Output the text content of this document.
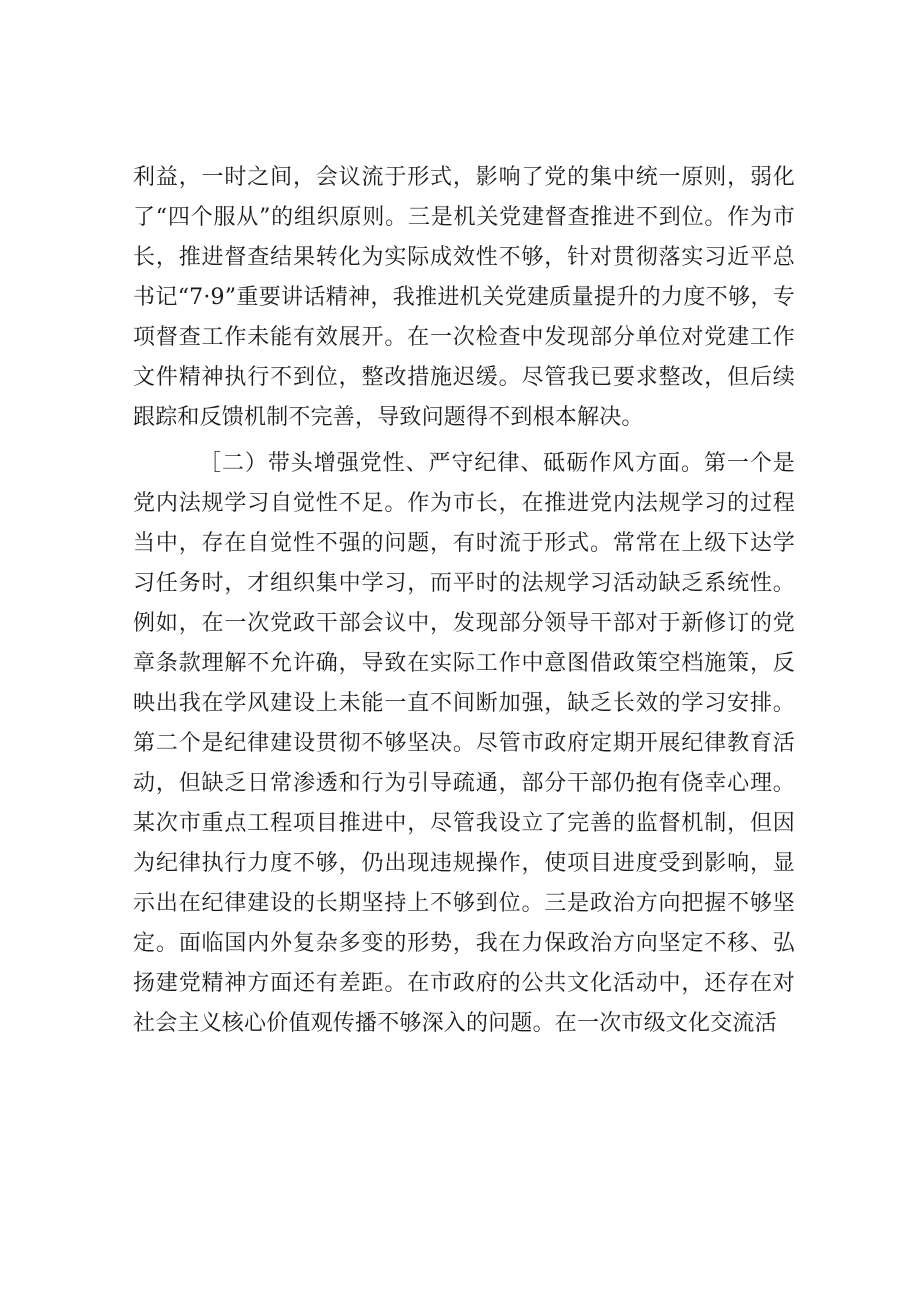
利益，一时之间，会议流于形式，影响了党的集中统一原则，弱化了“四个服从”的组织原则。三是机关党建督查推进不到位。作为市长，推进督查结果转化为实际成效性不够，针对贯彻落实习近平总书记“7·9”重要讲话精神，我推进机关党建质量提升的力度不够，专项督查工作未能有效展开。在一次检查中发现部分单位对党建工作文件精神执行不到位，整改措施迟缓。尽管我已要求整改，但后续跟踪和反馈机制不完善，导致问题得不到根本解决。

［二）带头增强党性、严守纪律、砥砺作风方面。第一个是党内法规学习自觉性不足。作为市长，在推进党内法规学习的过程当中，存在自觉性不强的问题，有时流于形式。常常在上级下达学习任务时，才组织集中学习，而平时的法规学习活动缺乏系统性。例如，在一次党政干部会议中，发现部分领导干部对于新修订的党章条款理解不允许确，导致在实际工作中意图借政策空档施策，反映出我在学风建设上未能一直不间断加强，缺乏长效的学习安排。第二个是纪律建设贯彻不够坚决。尽管市政府定期开展纪律教育活动，但缺乏日常渗透和行为引导疏通，部分干部仍抱有侥幸心理。某次市重点工程项目推进中，尽管我设立了完善的监督机制，但因为纪律执行力度不够，仍出现违规操作，使项目进度受到影响，显示出在纪律建设的长期坚持上不够到位。三是政治方向把握不够坚定。面临国内外复杂多变的形势，我在力保政治方向坚定不移、弘扬建党精神方面还有差距。在市政府的公共文化活动中，还存在对社会主义核心价值观传播不够深入的问题。在一次市级文化交流活
